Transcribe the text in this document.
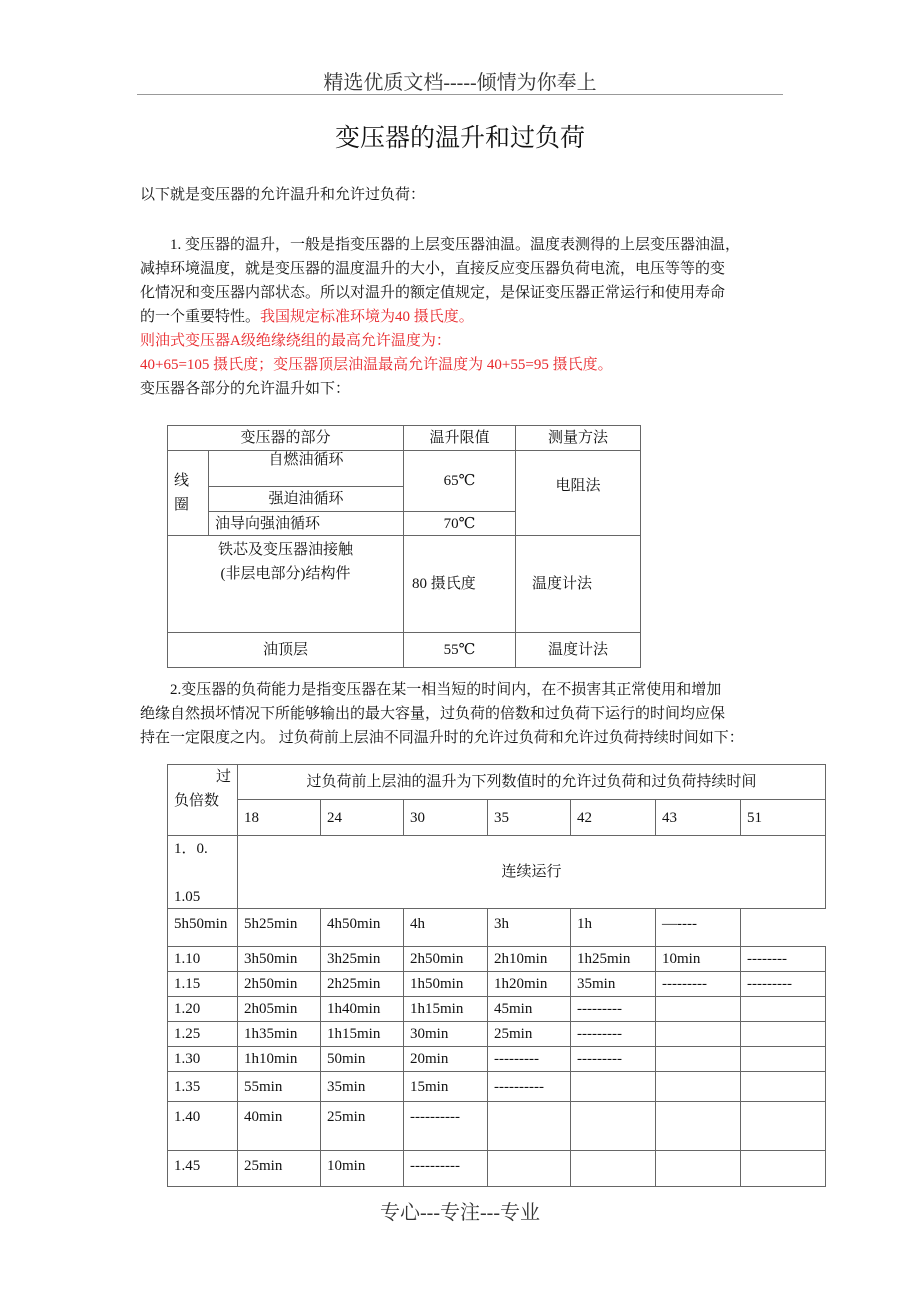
精选优质文档-----倾情为你奉上
变压器的温升和过负荷
以下就是变压器的允许温升和允许过负荷：
1. 变压器的温升，一般是指变压器的上层变压器油温。温度表测得的上层变压器油温，
减掉环境温度，就是变压器的温度温升的大小，直接反应变压器负荷电流，电压等等的变
化情况和变压器内部状态。所以对温升的额定值规定，是保证变压器正常运行和使用寿命
的一个重要特性。我国规定标准环境为40 摄氏度。
则油式变压器A级绝缘绕组的最高允许温度为：
40+65=105 摄氏度；变压器顶层油温最高允许温度为 40+55=95 摄氏度。
变压器各部分的允许温升如下：
变压器的部分		温升限值	测量方法
线
圈	自燃油循环	65℃	电阻法
	强迫油循环		
	油导向强油循环	70℃	

铁芯及变压器油接触
(非层电部分)结构件		80 摄氏度	温度计法
油顶层		55℃	温度计法
2.变压器的负荷能力是指变压器在某一相当短的时间内，在不损害其正常使用和增加
绝缘自然损坏情况下所能够输出的最大容量，过负荷的倍数和过负荷下运行的时间均应保
持在一定限度之内。 过负荷前上层油不同温升时的允许过负荷和允许过负荷持续时间如下：
过
负倍数	过负荷前上层油的温升为下列数值时的允许过负荷和过负荷持续时间						
	18	24	30	35	42	43	51

1．0.
1.05	连续运行						
5h50min	5h25min	4h50min	4h	3h	1h	—----	
1.10	3h50min	3h25min	2h50min	2h10min	1h25min	10min	--------
1.15	2h50min	2h25min	1h50min	1h20min	35min	---------	---------
1.20	2h05min	1h40min	1h15min	45min	---------		
1.25	1h35min	1h15min	30min	25min	---------		
1.30	1h10min	50min	20min	---------	---------		
1.35	55min	35min	15min	----------			
1.40	40min	25min	----------				
1.45	25min	10min	----------				
专心---专注---专业
